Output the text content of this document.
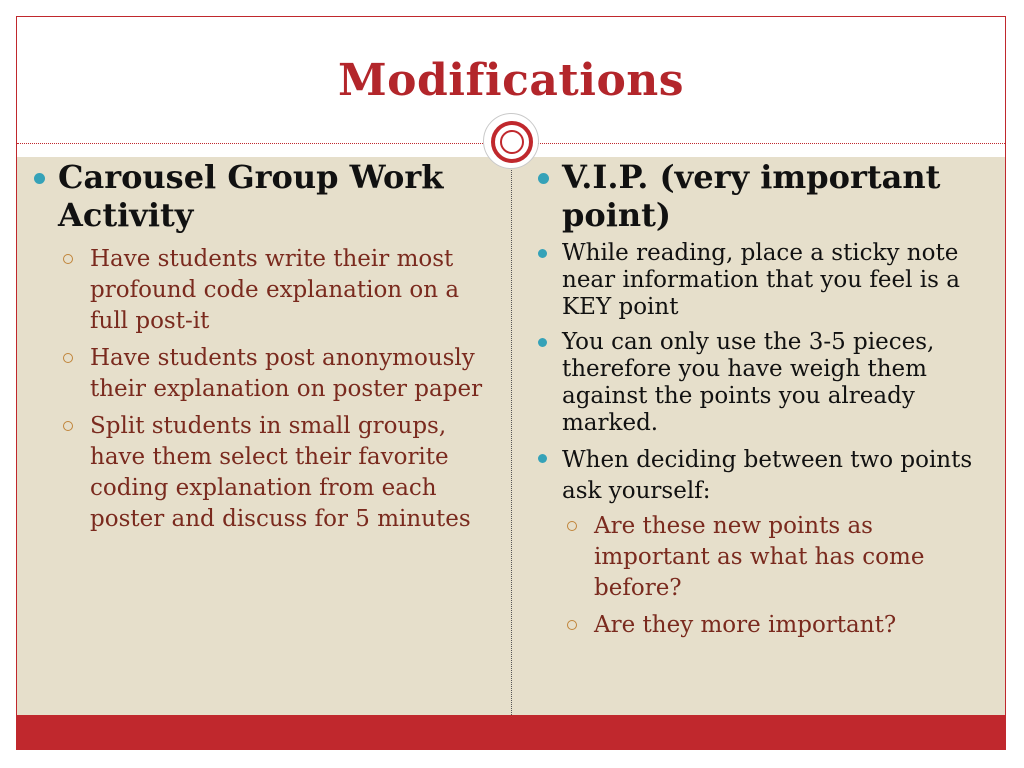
Modifications
Carousel Group Work Activity
Have students write their most profound code explanation on a full post-it
Have students post anonymously their explanation on poster paper
Split students in small groups, have them select their favorite coding explanation from each poster and discuss for 5 minutes
V.I.P. (very important point)
While reading, place a sticky note near information that you feel is a KEY point
You can only use the 3-5 pieces, therefore you have weigh them against the points you already marked.
When deciding between two points ask yourself:
Are these new points as important as what has come before?
Are they more important?
